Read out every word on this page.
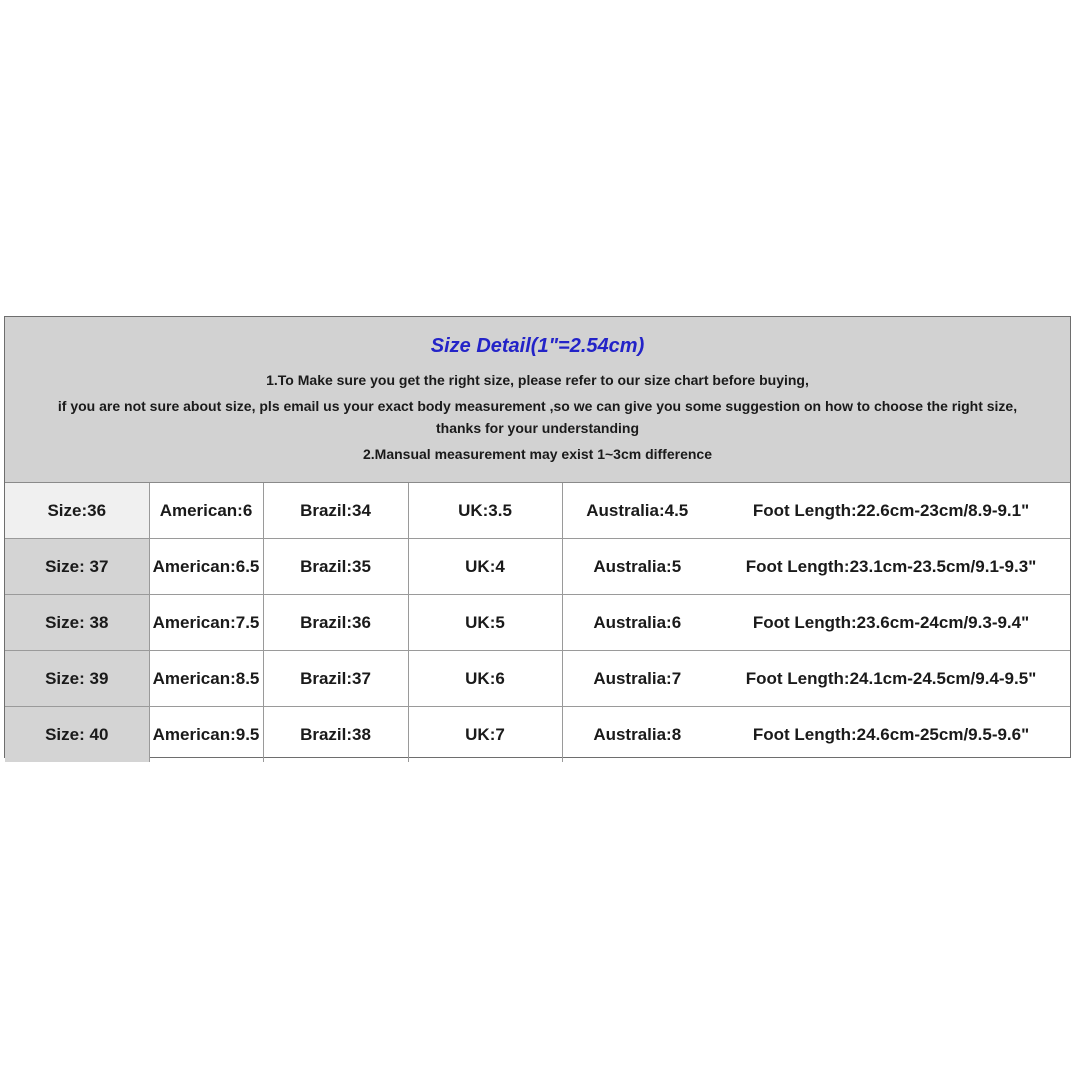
Size Detail(1"=2.54cm)
1.To Make sure you get the right size, please refer to our size chart before buying,
if you are not sure about size, pls email us your exact body measurement ,so we can give you some suggestion on how to choose the right size,
thanks for your understanding
2.Mansual measurement may exist 1~3cm difference
Size:36	American:6	Brazil:34	UK:3.5	Australia:4.5	Foot Length:22.6cm-23cm/8.9-9.1"
Size: 37	American:6.5	Brazil:35	UK:4	Australia:5	Foot Length:23.1cm-23.5cm/9.1-9.3"
Size: 38	American:7.5	Brazil:36	UK:5	Australia:6	Foot Length:23.6cm-24cm/9.3-9.4"
Size: 39	American:8.5	Brazil:37	UK:6	Australia:7	Foot Length:24.1cm-24.5cm/9.4-9.5"
Size: 40	American:9.5	Brazil:38	UK:7	Australia:8	Foot Length:24.6cm-25cm/9.5-9.6"
